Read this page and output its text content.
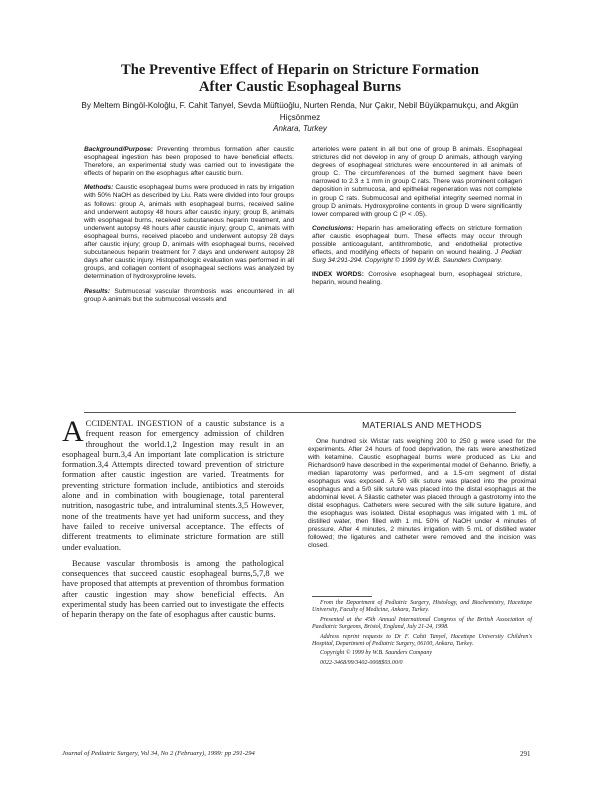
The Preventive Effect of Heparin on Stricture Formation
After Caustic Esophageal Burns
By Meltem Bingöl-Koloğlu, F. Cahit Tanyel, Sevda Müftüoğlu, Nurten Renda, Nur Çakır, Nebil Büyükpamukçu, and Akgün Hiçsönmez
Ankara, Turkey

Background/Purpose: Preventing thrombus formation after caustic esophageal ingestion has been proposed to have beneficial effects. Therefore, an experimental study was carried out to investigate the effects of heparin on the esophagus after caustic burn.

Methods: Caustic esophageal burns were produced in rats by irrigation with 50% NaOH as described by Liu. Rats were divided into four groups as follows: group A, animals with esophageal burns, received saline and underwent autopsy 48 hours after caustic injury; group B, animals with esophageal burns, received subcutaneous heparin treatment, and underwent autopsy 48 hours after caustic injury; group C, animals with esophageal burns, received placebo and underwent autopsy 28 days after caustic injury; group D, animals with esophageal burns, received subcutaneous heparin treatment for 7 days and underwent autopsy 28 days after caustic injury. Histopathologic evaluation was performed in all groups, and collagen content of esophageal sections was analyzed by determination of hydroxyproline levels.

Results: Submucosal vascular thrombosis was encountered in all group A animals but the submucosal vessels and

arterioles were patent in all but one of group B animals. Esophageal strictures did not develop in any of group D animals, although varying degrees of esophageal strictures were encountered in all animals of group C. The circumferences of the burned segment have been narrowed to 2.3 ± 1 mm in group C rats. There was prominent collagen deposition in submucosa, and epithelial regeneration was not complete in group C rats. Submucosal and epithelial integrity seemed normal in group D animals. Hydroxyproline contents in group D were significantly lower compared with group C (P < .05).

Conclusions: Heparin has ameliorating effects on stricture formation after caustic esophageal burn. These effects may occur through possible anticoagulant, antithrombotic, and endothelial protective effects, and modifying effects of heparin on wound healing. J Pediatr Surg 34:291-294. Copyright © 1999 by W.B. Saunders Company.

INDEX WORDS: Corrosive esophageal burn, esophageal stricture, heparin, wound healing.

ACCIDENTAL INGESTION of a caustic substance is a frequent reason for emergency admission of children throughout the world.1,2 Ingestion may result in an esophageal burn.3,4 An important late complication is stricture formation.3,4 Attempts directed toward prevention of stricture formation after caustic ingestion are varied. Treatments for preventing stricture formation include, antibiotics and steroids alone and in combination with bougienage, total parenteral nutrition, nasogastric tube, and intraluminal stents.3,5 However, none of the treatments have yet had uniform success, and they have failed to receive universal acceptance. The effects of different treatments to eliminate stricture formation are still under evaluation.

Because vascular thrombosis is among the pathological consequences that succeed caustic esophageal burns,5,7,8 we have proposed that attempts at prevention of thrombus formation after caustic ingestion may show beneficial effects. An experimental study has been carried out to investigate the effects of heparin therapy on the fate of esophagus after caustic burns.

MATERIALS AND METHODS

One hundred six Wistar rats weighing 200 to 250 g were used for the experiments. After 24 hours of food deprivation, the rats were anesthetized with ketamine. Caustic esophageal burns were produced as Liu and Richardson9 have described in the experimental model of Gehanno. Briefly, a median laparotomy was performed, and a 1.5-cm segment of distal esophagus was exposed. A 5/0 silk suture was placed into the proximal esophagus and a 5/0 silk suture was placed into the distal esophagus at the abdominal level. A Silastic catheter was placed through a gastrotomy into the distal esophagus. Catheters were secured with the silk suture ligature, and the esophagus was isolated. Distal esophagus was irrigated with 1 mL of distilled water, then filled with 1 mL 50% of NaOH under 4 minutes of pressure. After 4 minutes, 2 minutes irrigation with 5 mL of distilled water followed; the ligatures and catheter were removed and the incision was closed.

From the Department of Pediatric Surgery, Histology, and Biochemistry, Hacettepe University, Faculty of Medicine, Ankara, Turkey.

Presented at the 45th Annual International Congress of the British Association of Paediatric Surgeons, Bristol, England, July 21-24, 1998.

Address reprint requests to Dr F. Cahit Tanyel, Hacettepe University Children's Hospital, Department of Pediatric Surgery, 06100, Ankara, Turkey.

Copyright © 1999 by W.B. Saunders Company

0022-3468/99/3402-0008$03.00/0

Journal of Pediatric Surgery, Vol 34, No 2 (February), 1999: pp 291-294	291
